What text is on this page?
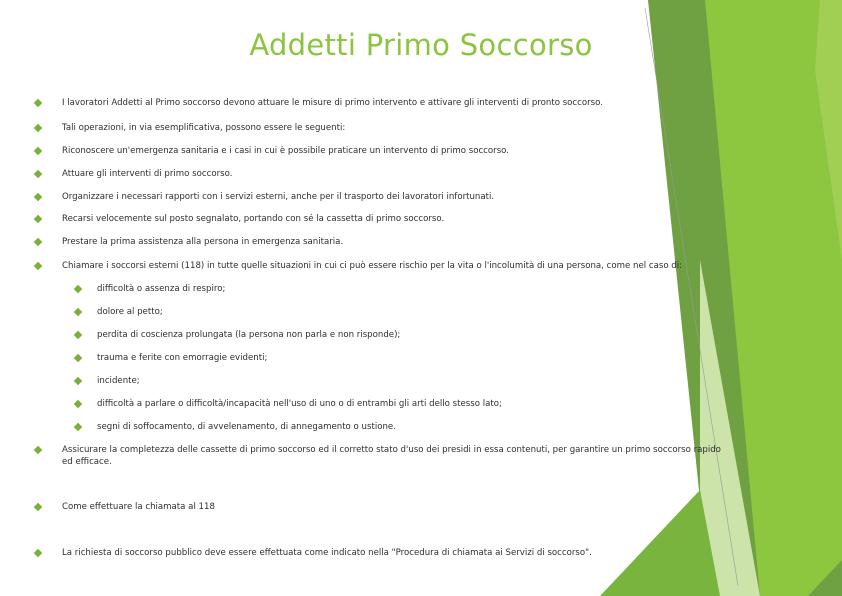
Addetti Primo Soccorso
I lavoratori Addetti al Primo soccorso devono attuare le misure di primo intervento e attivare gli interventi di pronto soccorso.
Tali operazioni, in via esemplificativa, possono essere le seguenti:
Riconoscere un'emergenza sanitaria e i casi in cui è possibile praticare un intervento di primo soccorso.
Attuare gli interventi di primo soccorso.
Organizzare i necessari rapporti con i servizi esterni, anche per il trasporto dei lavoratori infortunati.
Recarsi velocemente sul posto segnalato, portando con sé la cassetta di primo soccorso.
Prestare la prima assistenza alla persona in emergenza sanitaria.
Chiamare i soccorsi esterni (118) in tutte quelle situazioni in cui ci può essere rischio per la vita o l'incolumità di una persona, come nel caso di:
difficoltà o assenza di respiro;
dolore al petto;
perdita di coscienza prolungata (la persona non parla e non risponde);
trauma e ferite con emorragie evidenti;
incidente;
difficoltà a parlare o difficoltà/incapacità nell'uso di uno o di entrambi gli arti dello stesso lato;
segni di soffocamento, di avvelenamento, di annegamento o ustione.
Assicurare la completezza delle cassette di primo soccorso ed il corretto stato d'uso dei presidi in essa contenuti, per garantire un primo soccorso rapido ed efficace.
Come effettuare la chiamata al 118
La richiesta di soccorso pubblico deve essere effettuata come indicato nella "Procedura di chiamata ai Servizi di soccorso".
